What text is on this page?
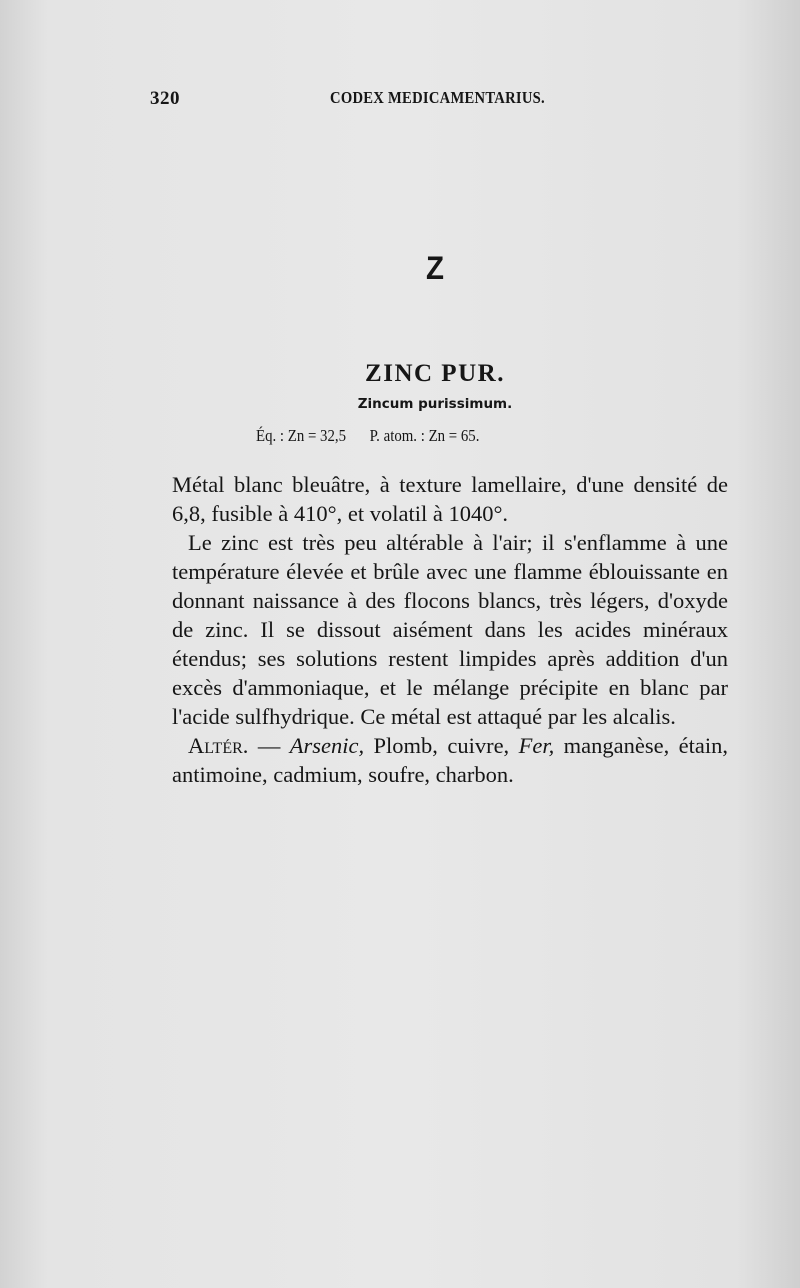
320	CODEX MEDICAMENTARIUS.
Z
ZINC PUR.
Zincum purissimum.
Éq. : Zn = 32,5 P. atom. : Zn = 65.

Métal blanc bleuâtre, à texture lamellaire, d'une densité de 6,8, fusible à 410°, et volatil à 1040°.

Le zinc est très peu altérable à l'air; il s'enflamme à une température élevée et brûle avec une flamme éblouissante en donnant naissance à des flocons blancs, très légers, d'oxyde de zinc. Il se dissout aisément dans les acides minéraux étendus; ses solutions restent limpides après addition d'un excès d'ammoniaque, et le mélange précipite en blanc par l'acide sulfhydrique. Ce métal est attaqué par les alcalis.

Altér. — Arsenic, Plomb, cuivre, Fer, manganèse, étain, antimoine, cadmium, soufre, charbon.
